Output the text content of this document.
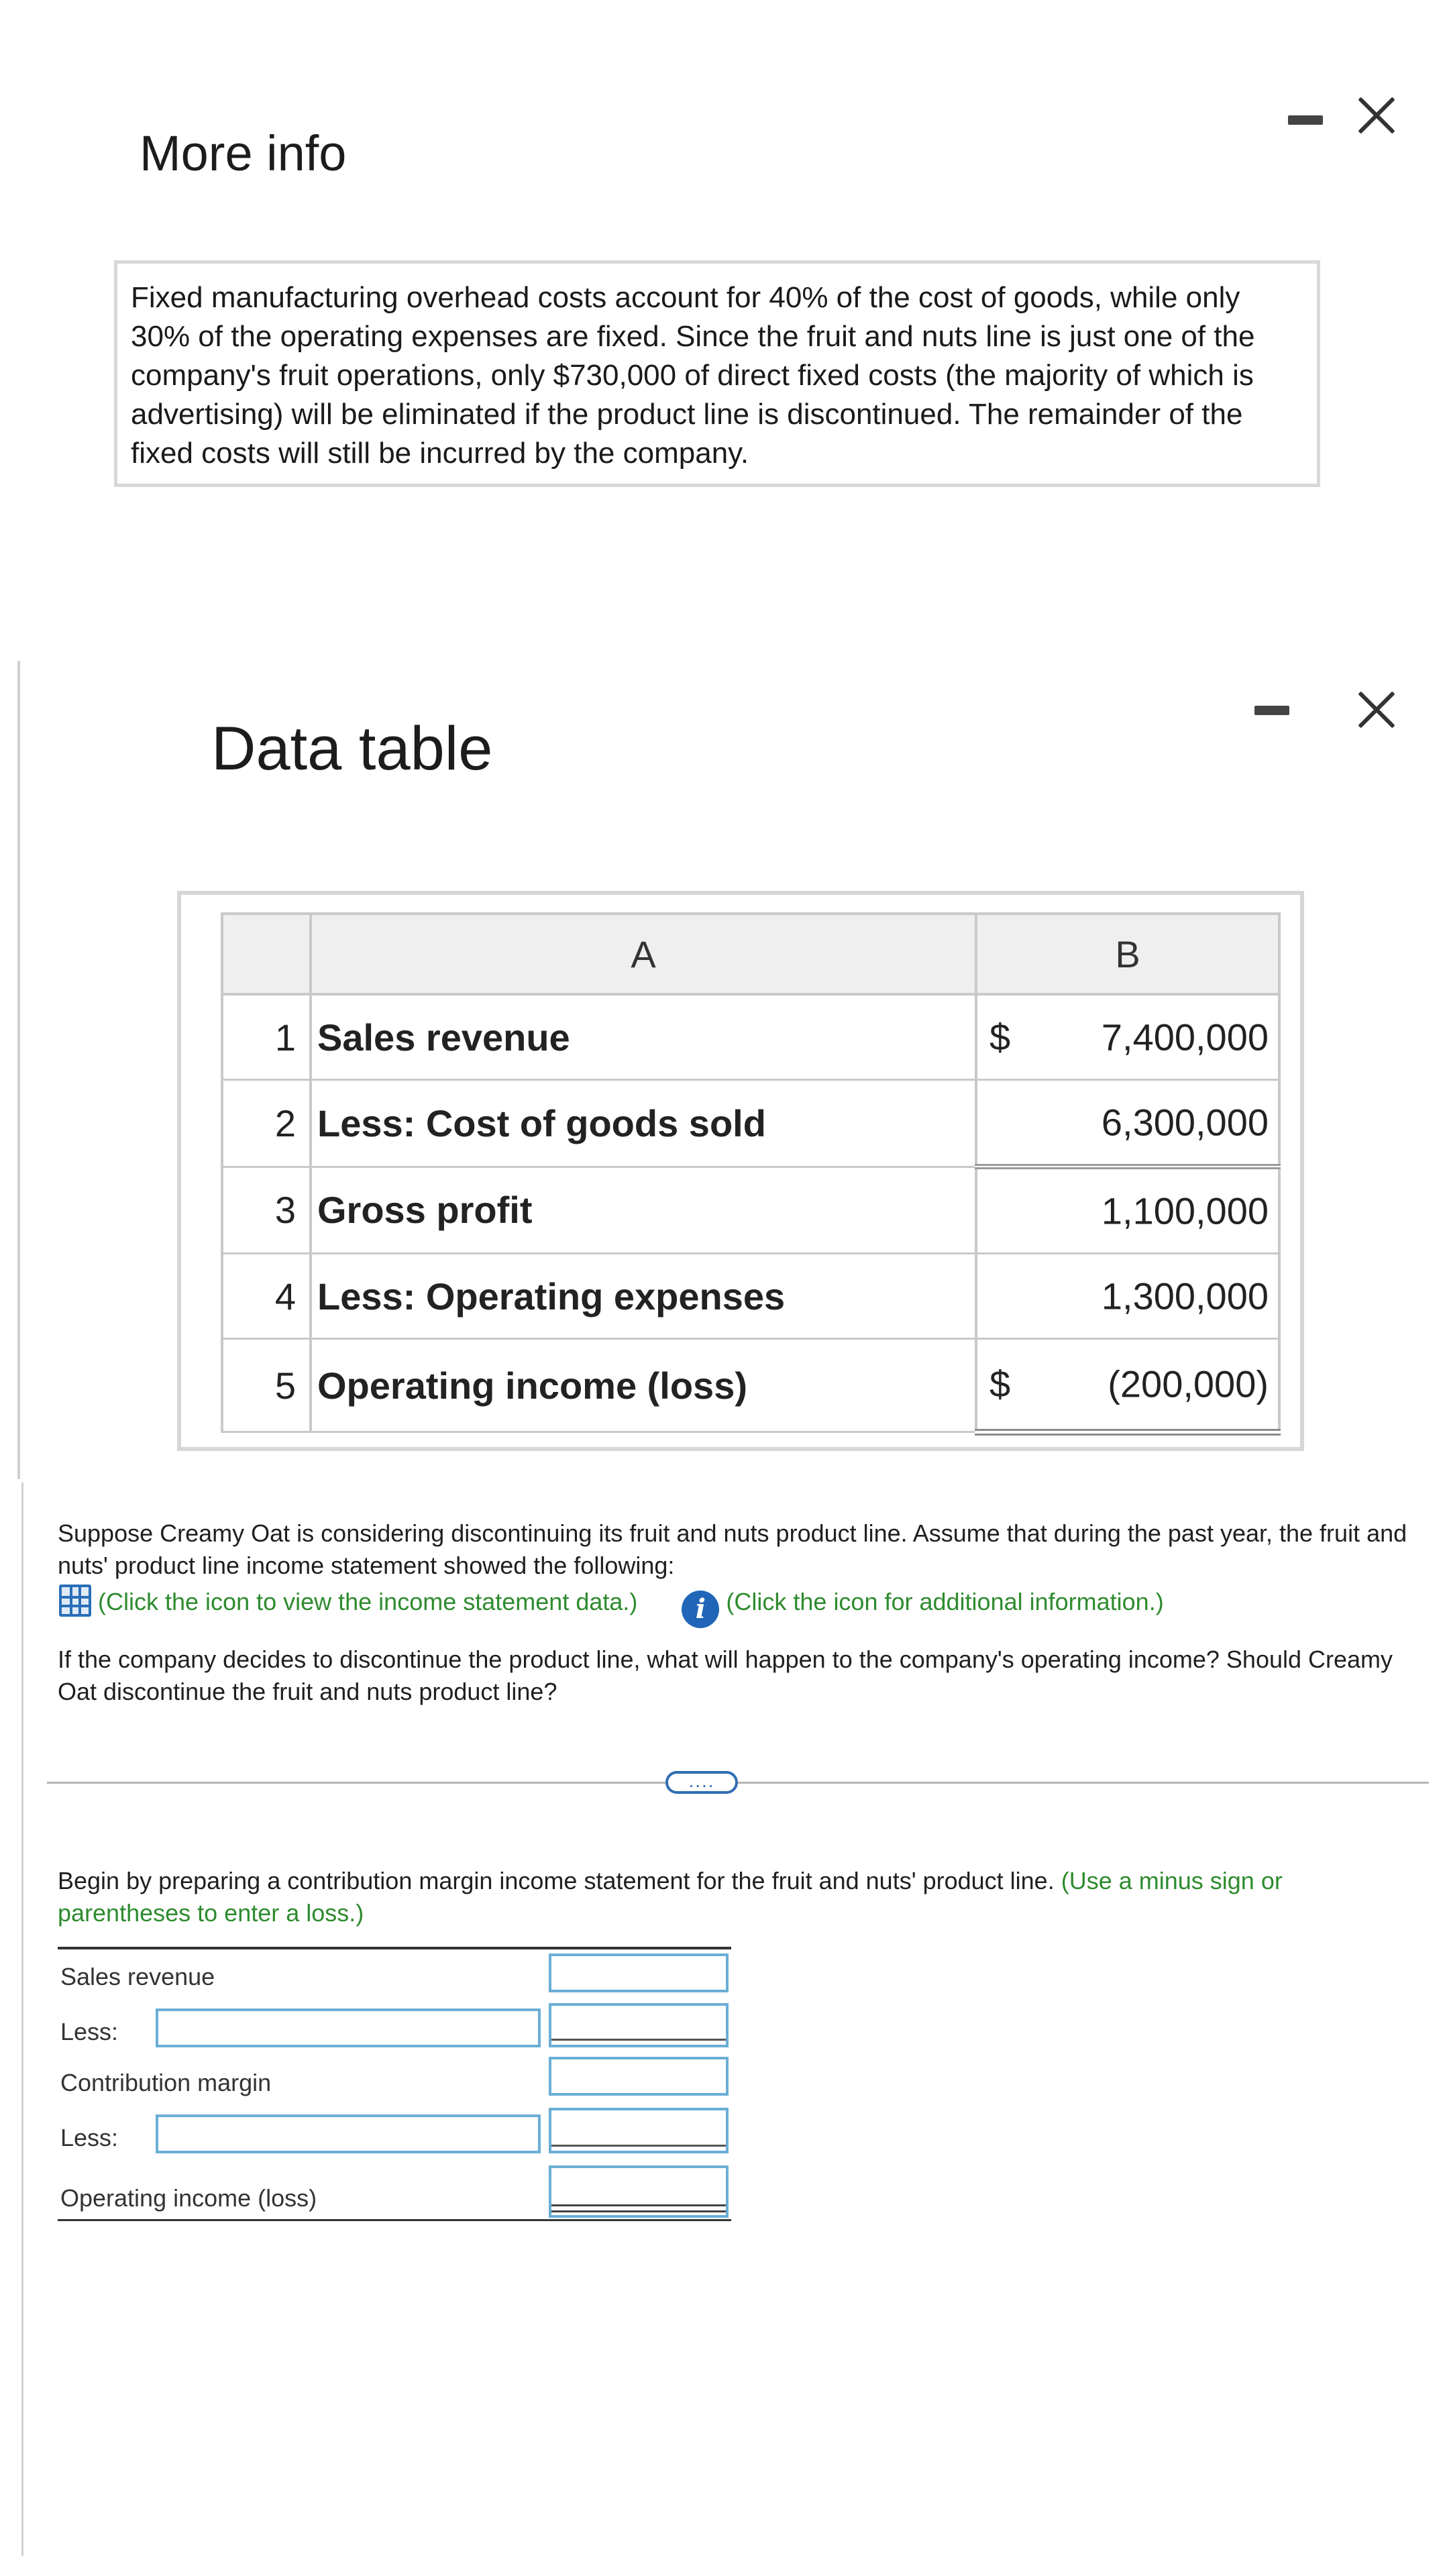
More info
Fixed manufacturing overhead costs account for 40% of the cost of goods, while only 30% of the operating expenses are fixed. Since the fruit and nuts line is just one of the company's fruit operations, only $730,000 of direct fixed costs (the majority of which is advertising) will be eliminated if the product line is discontinued. The remainder of the fixed costs will still be incurred by the company.
Data table
	A	B
1	Sales revenue	$ 7,400,000

2	Less: Cost of goods sold	6,300,000

3	Gross profit	1,100,000

4	Less: Operating expenses	1,300,000

5	Operating income (loss)	$ (200,000)
Suppose Creamy Oat is considering discontinuing its fruit and nuts product line. Assume that during the past year, the fruit and nuts' product line income statement showed the following:
(Click the icon to view the income statement data.) i (Click the icon for additional information.)
If the company decides to discontinue the product line, what will happen to the company's operating income? Should Creamy Oat discontinue the fruit and nuts product line?
....
Begin by preparing a contribution margin income statement for the fruit and nuts' product line. (Use a minus sign or parentheses to enter a loss.)
Sales revenue
Less:
Contribution margin
Less:
Operating income (loss)
